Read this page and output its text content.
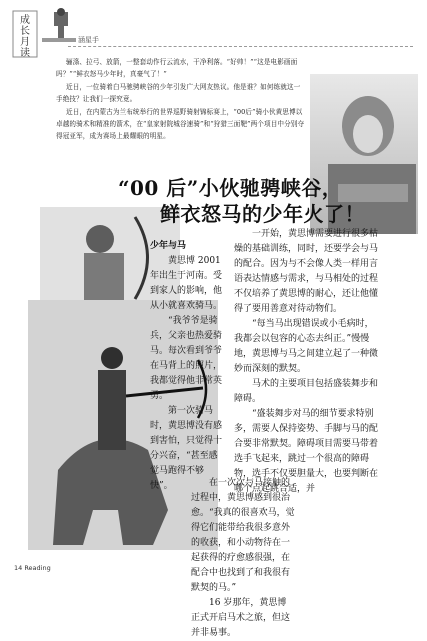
成
长
月
读
涵星手

骊涤、拉弓、放箭，一整套动作行云流水，干净利落。“好帅！”“这是电影画面吗？”“鲜衣怒马少年时，真豪气了！”

近日，一位骑着白马驰骋峡谷的少年引发广大网友热议。他是谁？如何练就这一手绝技？让我们一探究竟。

近日，在内蒙古为兰布统举行的世界巡野骑射锦标赛上，“00后”骑小伙黄思博以卓越的骑术和精准的箭术，在“皇家射院城谷速骑”和“狩猎三面靶”两个项目中分别夺得冠亚军，成为赛场上最耀眼的明星。

“00 后”小伙驰骋峡谷，
鲜衣怒马的少年火了！
少年与马

黄思博 2001年出生于河南。受到家人的影响，他从小就喜欢骑马。

“我爷爷是骑兵，父亲也热爱骑马。每次看到爷爷在马背上的照片，我都觉得他非常英勇。”

第一次骑马时，黄思博没有感到害怕，只觉得十分兴奋，“甚至感觉马跑得不够快”。	在一次次与马接触的过程中，黄思博感到很治愈。“我真的很喜欢马，觉得它们能带给我很多意外的收获，和小动物待在一起获得的疗愈感很强，在配合中也找到了和我很有默契的马。”

16 岁那年，黄思博正式开启马术之旅，但这并非易事。

一开始，黄思博需要进行很多枯燥的基础训练，同时，还要学会与马的配合。因为与不会像人类一样用言语表达情感与需求，与马相处的过程不仅培养了黄思博的耐心，还让他懂得了要用善意对待动物们。

“每当马出现错误或小毛病时，我都会以包容的心态去纠正。”慢慢地，黄思博与马之间建立起了一种微妙而深刻的默契。

马术的主要项目包括盛装舞步和障碍。

“盛装舞步对马的细节要求特别多，需要人保持姿势、手脚与马的配合要非常默契。障碍项目需要马带着选手飞起来，跳过一个很高的障碍物，选手不仅要胆量大，也要判断在哪个点起跳合适，并

14 Reading
